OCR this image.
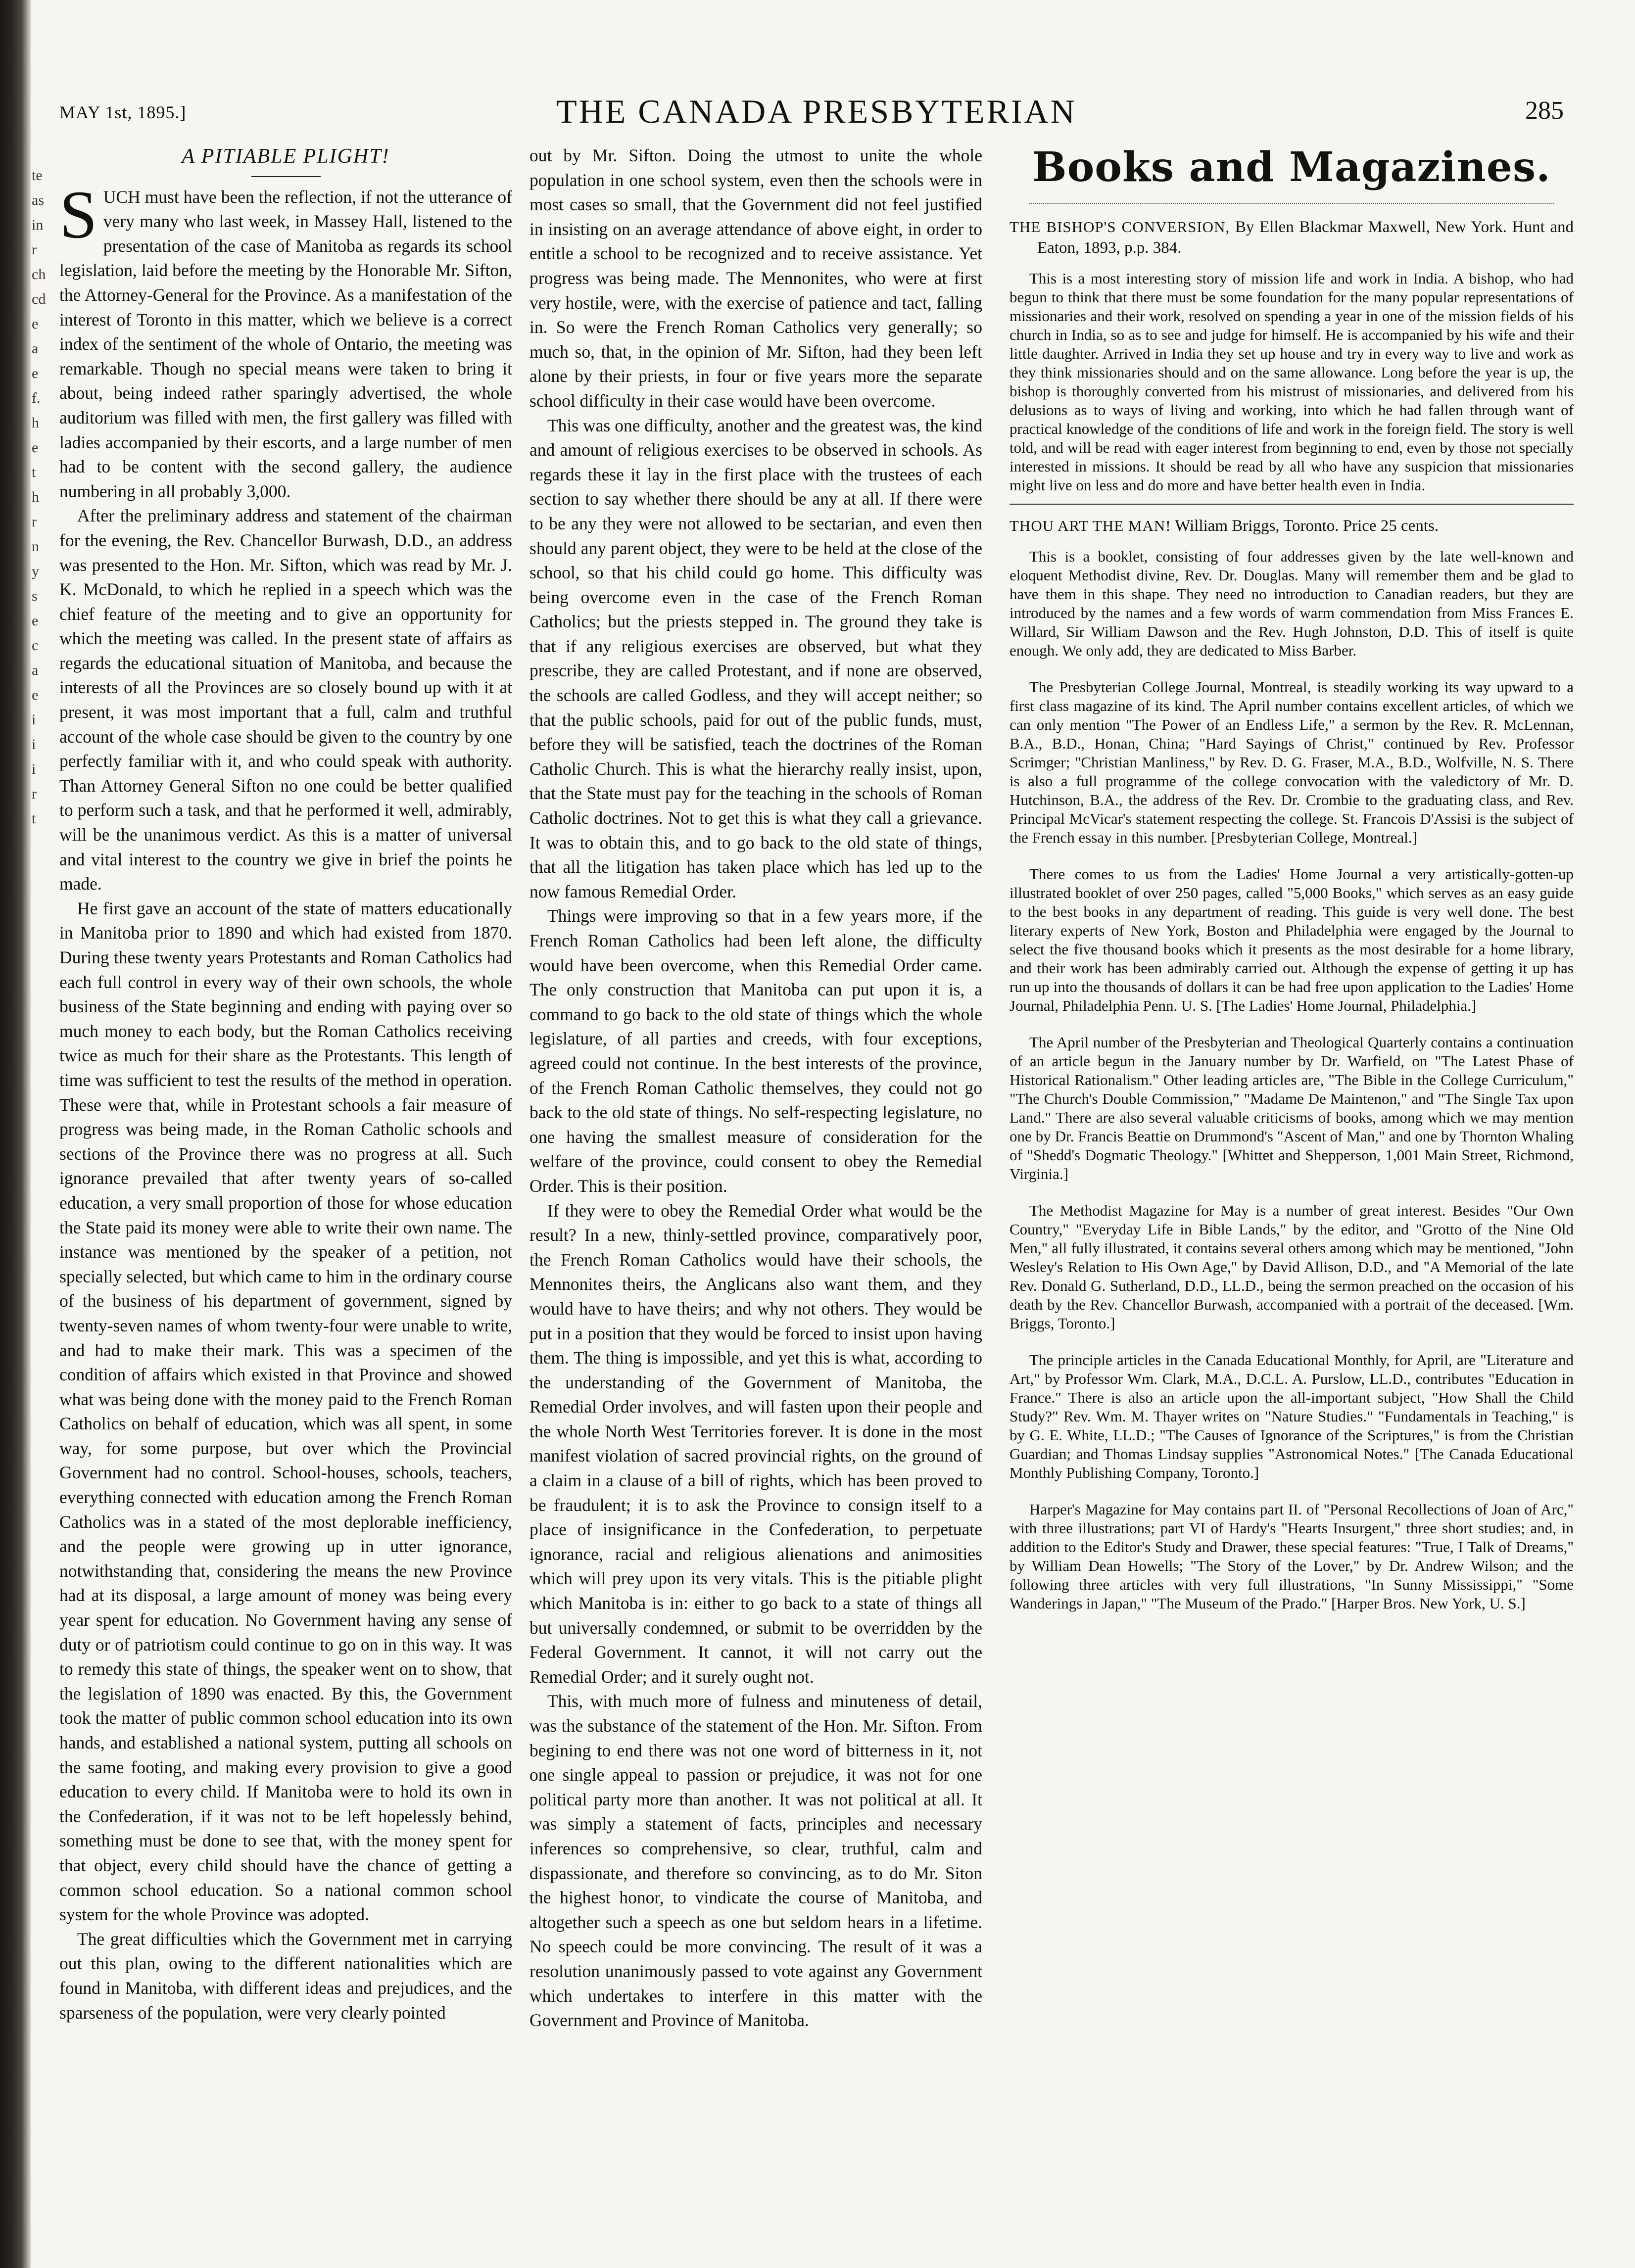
te
as
in
r
ch
cd
e
a
e
f.
h
e
t
h
r
n
y
s
e
c
a
e
i
i
i
r
t
MAY 1st, 1895.]	THE CANADA PRESBYTERIAN	285
A PITIABLE PLIGHT!

SUCH must have been the reflection, if not the utterance of very many who last week, in Massey Hall, listened to the presentation of the case of Manitoba as regards its school legislation, laid before the meeting by the Honorable Mr. Sifton, the Attorney-General for the Province. As a manifestation of the interest of Toronto in this matter, which we believe is a correct index of the sentiment of the whole of Ontario, the meeting was remarkable. Though no special means were taken to bring it about, being indeed rather sparingly advertised, the whole auditorium was filled with men, the first gallery was filled with ladies accompanied by their escorts, and a large number of men had to be content with the second gallery, the audience numbering in all probably 3,000.

After the preliminary address and statement of the chairman for the evening, the Rev. Chancellor Burwash, D.D., an address was presented to the Hon. Mr. Sifton, which was read by Mr. J. K. McDonald, to which he replied in a speech which was the chief feature of the meeting and to give an opportunity for which the meeting was called. In the present state of affairs as regards the educational situation of Manitoba, and because the interests of all the Provinces are so closely bound up with it at present, it was most important that a full, calm and truthful account of the whole case should be given to the country by one perfectly familiar with it, and who could speak with authority. Than Attorney General Sifton no one could be better qualified to perform such a task, and that he performed it well, admirably, will be the unanimous verdict. As this is a matter of universal and vital interest to the country we give in brief the points he made.

He first gave an account of the state of matters educationally in Manitoba prior to 1890 and which had existed from 1870. During these twenty years Protestants and Roman Catholics had each full control in every way of their own schools, the whole business of the State beginning and ending with paying over so much money to each body, but the Roman Catholics receiving twice as much for their share as the Protestants. This length of time was sufficient to test the results of the method in operation. These were that, while in Protestant schools a fair measure of progress was being made, in the Roman Catholic schools and sections of the Province there was no progress at all. Such ignorance prevailed that after twenty years of so-called education, a very small proportion of those for whose education the State paid its money were able to write their own name. The instance was mentioned by the speaker of a petition, not specially selected, but which came to him in the ordinary course of the business of his department of government, signed by twenty-seven names of whom twenty-four were unable to write, and had to make their mark. This was a specimen of the condition of affairs which existed in that Province and showed what was being done with the money paid to the French Roman Catholics on behalf of education, which was all spent, in some way, for some purpose, but over which the Provincial Government had no control. School-houses, schools, teachers, everything connected with education among the French Roman Catholics was in a stated of the most deplorable inefficiency, and the people were growing up in utter ignorance, notwithstanding that, considering the means the new Province had at its disposal, a large amount of money was being every year spent for education. No Government having any sense of duty or of patriotism could continue to go on in this way. It was to remedy this state of things, the speaker went on to show, that the legislation of 1890 was enacted. By this, the Government took the matter of public common school education into its own hands, and established a national system, putting all schools on the same footing, and making every provision to give a good education to every child. If Manitoba were to hold its own in the Confederation, if it was not to be left hopelessly behind, something must be done to see that, with the money spent for that object, every child should have the chance of getting a common school education. So a national common school system for the whole Province was adopted.

The great difficulties which the Government met in carrying out this plan, owing to the different nationalities which are found in Manitoba, with different ideas and prejudices, and the sparseness of the population, were very clearly pointed

out by Mr. Sifton. Doing the utmost to unite the whole population in one school system, even then the schools were in most cases so small, that the Government did not feel justified in insisting on an average attendance of above eight, in order to entitle a school to be recognized and to receive assistance. Yet progress was being made. The Mennonites, who were at first very hostile, were, with the exercise of patience and tact, falling in. So were the French Roman Catholics very generally; so much so, that, in the opinion of Mr. Sifton, had they been left alone by their priests, in four or five years more the separate school difficulty in their case would have been overcome.

This was one difficulty, another and the greatest was, the kind and amount of religious exercises to be observed in schools. As regards these it lay in the first place with the trustees of each section to say whether there should be any at all. If there were to be any they were not allowed to be sectarian, and even then should any parent object, they were to be held at the close of the school, so that his child could go home. This difficulty was being overcome even in the case of the French Roman Catholics; but the priests stepped in. The ground they take is that if any religious exercises are observed, but what they prescribe, they are called Protestant, and if none are observed, the schools are called Godless, and they will accept neither; so that the public schools, paid for out of the public funds, must, before they will be satisfied, teach the doctrines of the Roman Catholic Church. This is what the hierarchy really insist, upon, that the State must pay for the teaching in the schools of Roman Catholic doctrines. Not to get this is what they call a grievance. It was to obtain this, and to go back to the old state of things, that all the litigation has taken place which has led up to the now famous Remedial Order.

Things were improving so that in a few years more, if the French Roman Catholics had been left alone, the difficulty would have been overcome, when this Remedial Order came. The only construction that Manitoba can put upon it is, a command to go back to the old state of things which the whole legislature, of all parties and creeds, with four exceptions, agreed could not continue. In the best interests of the province, of the French Roman Catholic themselves, they could not go back to the old state of things. No self-respecting legislature, no one having the smallest measure of consideration for the welfare of the province, could consent to obey the Remedial Order. This is their position.

If they were to obey the Remedial Order what would be the result? In a new, thinly-settled province, comparatively poor, the French Roman Catholics would have their schools, the Mennonites theirs, the Anglicans also want them, and they would have to have theirs; and why not others. They would be put in a position that they would be forced to insist upon having them. The thing is impossible, and yet this is what, according to the understanding of the Government of Manitoba, the Remedial Order involves, and will fasten upon their people and the whole North West Territories forever. It is done in the most manifest violation of sacred provincial rights, on the ground of a claim in a clause of a bill of rights, which has been proved to be fraudulent; it is to ask the Province to consign itself to a place of insignificance in the Confederation, to perpetuate ignorance, racial and religious alienations and animosities which will prey upon its very vitals. This is the pitiable plight which Manitoba is in: either to go back to a state of things all but universally condemned, or submit to be overridden by the Federal Government. It cannot, it will not carry out the Remedial Order; and it surely ought not.

This, with much more of fulness and minuteness of detail, was the substance of the statement of the Hon. Mr. Sifton. From begining to end there was not one word of bitterness in it, not one single appeal to passion or prejudice, it was not for one political party more than another. It was not political at all. It was simply a statement of facts, principles and necessary inferences so comprehensive, so clear, truthful, calm and dispassionate, and therefore so convincing, as to do Mr. Siton the highest honor, to vindicate the course of Manitoba, and altogether such a speech as one but seldom hears in a lifetime. No speech could be more convincing. The result of it was a resolution unanimously passed to vote against any Government which undertakes to interfere in this matter with the Government and Province of Manitoba.

Books and Magazines.

THE BISHOP'S CONVERSION, By Ellen Blackmar Maxwell, New York. Hunt and Eaton, 1893, p.p. 384.

This is a most interesting story of mission life and work in India. A bishop, who had begun to think that there must be some foundation for the many popular representations of missionaries and their work, resolved on spending a year in one of the mission fields of his church in India, so as to see and judge for himself. He is accompanied by his wife and their little daughter. Arrived in India they set up house and try in every way to live and work as they think missionaries should and on the same allowance. Long before the year is up, the bishop is thoroughly converted from his mistrust of missionaries, and delivered from his delusions as to ways of living and working, into which he had fallen through want of practical knowledge of the conditions of life and work in the foreign field. The story is well told, and will be read with eager interest from beginning to end, even by those not specially interested in missions. It should be read by all who have any suspicion that missionaries might live on less and do more and have better health even in India.

THOU ART THE MAN! William Briggs, Toronto. Price 25 cents.

This is a booklet, consisting of four addresses given by the late well-known and eloquent Methodist divine, Rev. Dr. Douglas. Many will remember them and be glad to have them in this shape. They need no introduction to Canadian readers, but they are introduced by the names and a few words of warm commendation from Miss Frances E. Willard, Sir William Dawson and the Rev. Hugh Johnston, D.D. This of itself is quite enough. We only add, they are dedicated to Miss Barber.

The Presbyterian College Journal, Montreal, is steadily working its way upward to a first class magazine of its kind. The April number contains excellent articles, of which we can only mention "The Power of an Endless Life," a sermon by the Rev. R. McLennan, B.A., B.D., Honan, China; "Hard Sayings of Christ," continued by Rev. Professor Scrimger; "Christian Manliness," by Rev. D. G. Fraser, M.A., B.D., Wolfville, N. S. There is also a full programme of the college convocation with the valedictory of Mr. D. Hutchinson, B.A., the address of the Rev. Dr. Crombie to the graduating class, and Rev. Principal McVicar's statement respecting the college. St. Francois D'Assisi is the subject of the French essay in this number. [Presbyterian College, Montreal.]

There comes to us from the Ladies' Home Journal a very artistically-gotten-up illustrated booklet of over 250 pages, called "5,000 Books," which serves as an easy guide to the best books in any department of reading. This guide is very well done. The best literary experts of New York, Boston and Philadelphia were engaged by the Journal to select the five thousand books which it presents as the most desirable for a home library, and their work has been admirably carried out. Although the expense of getting it up has run up into the thousands of dollars it can be had free upon application to the Ladies' Home Journal, Philadelphia Penn. U. S. [The Ladies' Home Journal, Philadelphia.]

The April number of the Presbyterian and Theological Quarterly contains a continuation of an article begun in the January number by Dr. Warfield, on "The Latest Phase of Historical Rationalism." Other leading articles are, "The Bible in the College Curriculum," "The Church's Double Commission," "Madame De Maintenon," and "The Single Tax upon Land." There are also several valuable criticisms of books, among which we may mention one by Dr. Francis Beattie on Drummond's "Ascent of Man," and one by Thornton Whaling of "Shedd's Dogmatic Theology." [Whittet and Shepperson, 1,001 Main Street, Richmond, Virginia.]

The Methodist Magazine for May is a number of great interest. Besides "Our Own Country," "Everyday Life in Bible Lands," by the editor, and "Grotto of the Nine Old Men," all fully illustrated, it contains several others among which may be mentioned, "John Wesley's Relation to His Own Age," by David Allison, D.D., and "A Memorial of the late Rev. Donald G. Sutherland, D.D., LL.D., being the sermon preached on the occasion of his death by the Rev. Chancellor Burwash, accompanied with a portrait of the deceased. [Wm. Briggs, Toronto.]

The principle articles in the Canada Educational Monthly, for April, are "Literature and Art," by Professor Wm. Clark, M.A., D.C.L. A. Purslow, LL.D., contributes "Education in France." There is also an article upon the all-important subject, "How Shall the Child Study?" Rev. Wm. M. Thayer writes on "Nature Studies." "Fundamentals in Teaching," is by G. E. White, LL.D.; "The Causes of Ignorance of the Scriptures," is from the Christian Guardian; and Thomas Lindsay supplies "Astronomical Notes." [The Canada Educational Monthly Publishing Company, Toronto.]

Harper's Magazine for May contains part II. of "Personal Recollections of Joan of Arc," with three illustrations; part VI of Hardy's "Hearts Insurgent," three short studies; and, in addition to the Editor's Study and Drawer, these special features: "True, I Talk of Dreams," by William Dean Howells; "The Story of the Lover," by Dr. Andrew Wilson; and the following three articles with very full illustrations, "In Sunny Mississippi," "Some Wanderings in Japan," "The Museum of the Prado." [Harper Bros. New York, U. S.]
